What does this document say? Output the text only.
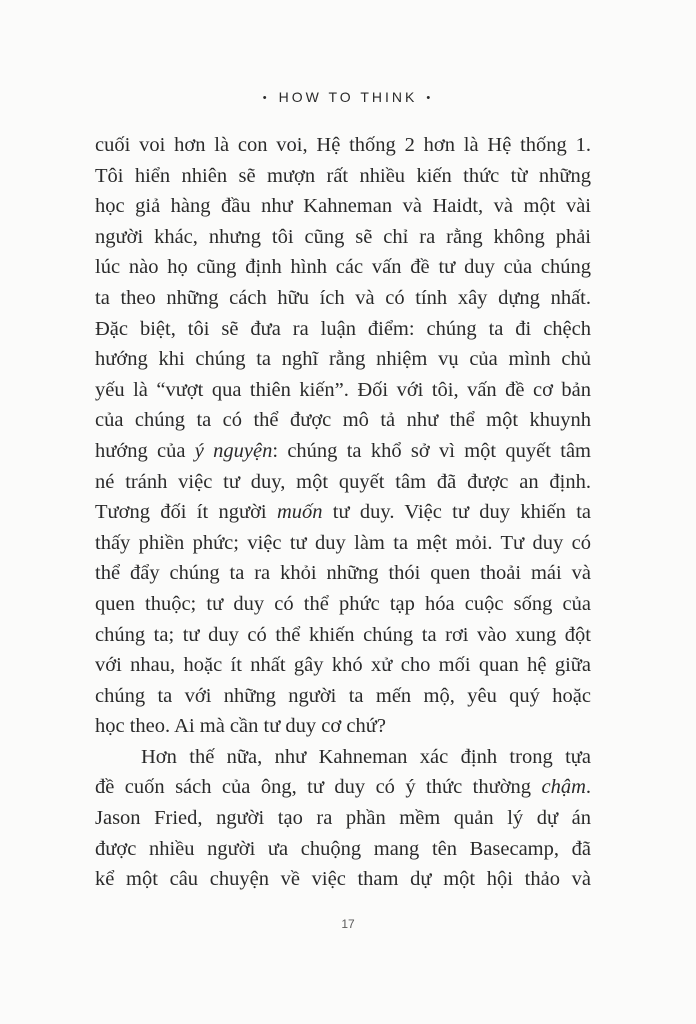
• HOW TO THINK •
cuối voi hơn là con voi, Hệ thống 2 hơn là Hệ thống 1.
Tôi hiển nhiên sẽ mượn rất nhiều kiến thức từ những
học giả hàng đầu như Kahneman và Haidt, và một vài
người khác, nhưng tôi cũng sẽ chỉ ra rằng không phải
lúc nào họ cũng định hình các vấn đề tư duy của chúng
ta theo những cách hữu ích và có tính xây dựng nhất.
Đặc biệt, tôi sẽ đưa ra luận điểm: chúng ta đi chệch
hướng khi chúng ta nghĩ rằng nhiệm vụ của mình chủ
yếu là “vượt qua thiên kiến”. Đối với tôi, vấn đề cơ bản
của chúng ta có thể được mô tả như thể một khuynh
hướng của ý nguyện: chúng ta khổ sở vì một quyết tâm
né tránh việc tư duy, một quyết tâm đã được an định.
Tương đối ít người muốn tư duy. Việc tư duy khiến ta
thấy phiền phức; việc tư duy làm ta mệt mỏi. Tư duy có
thể đẩy chúng ta ra khỏi những thói quen thoải mái và
quen thuộc; tư duy có thể phức tạp hóa cuộc sống của
chúng ta; tư duy có thể khiến chúng ta rơi vào xung đột
với nhau, hoặc ít nhất gây khó xử cho mối quan hệ giữa
chúng ta với những người ta mến mộ, yêu quý hoặc
học theo. Ai mà cần tư duy cơ chứ?
Hơn thế nữa, như Kahneman xác định trong tựa
đề cuốn sách của ông, tư duy có ý thức thường chậm.
Jason Fried, người tạo ra phần mềm quản lý dự án
được nhiều người ưa chuộng mang tên Basecamp, đã
kể một câu chuyện về việc tham dự một hội thảo và
17
